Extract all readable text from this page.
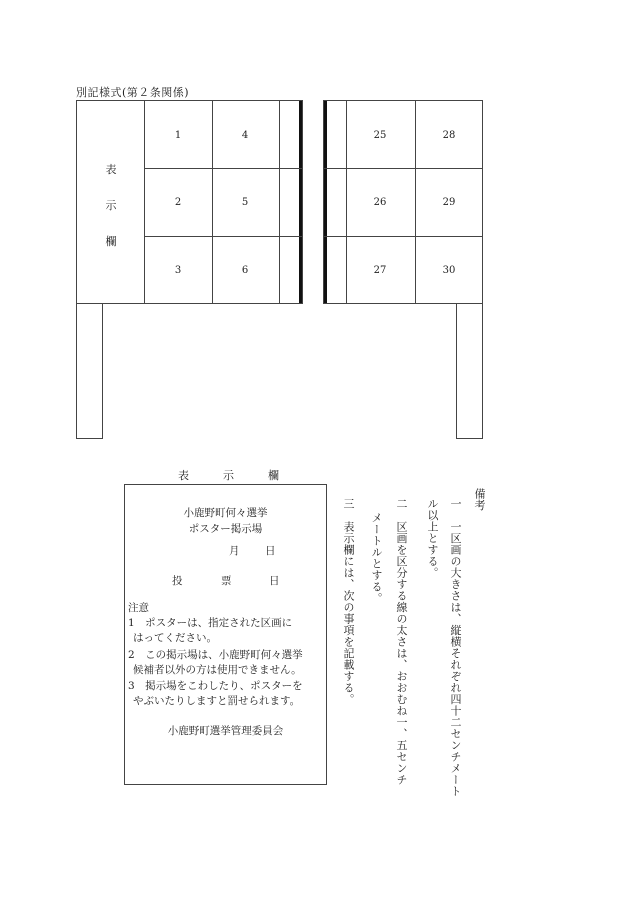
別記様式(第２条関係)
表
示
欄
1	4
2	5
3	6
25	28
26	29
27	30
表	示	欄
小鹿野町何々選挙
ポスター掲示場
月 日
投	票	日
注意
1　ポスターは、指定された区画に
はってください。
2　この掲示場は、小鹿野町何々選挙
候補者以外の方は使用できません。
3　掲示場をこわしたり、ポスターを
やぶいたりしますと罰せられます。
小鹿野町選挙管理委員会
備考
一　一区画の大きさは、縦横それぞれ四十二センチメート
ル以上とする。
二　区画を区分する線の太さは、おおむね一、五センチ
メートルとする。
三　表示欄には、次の事項を記載する。
